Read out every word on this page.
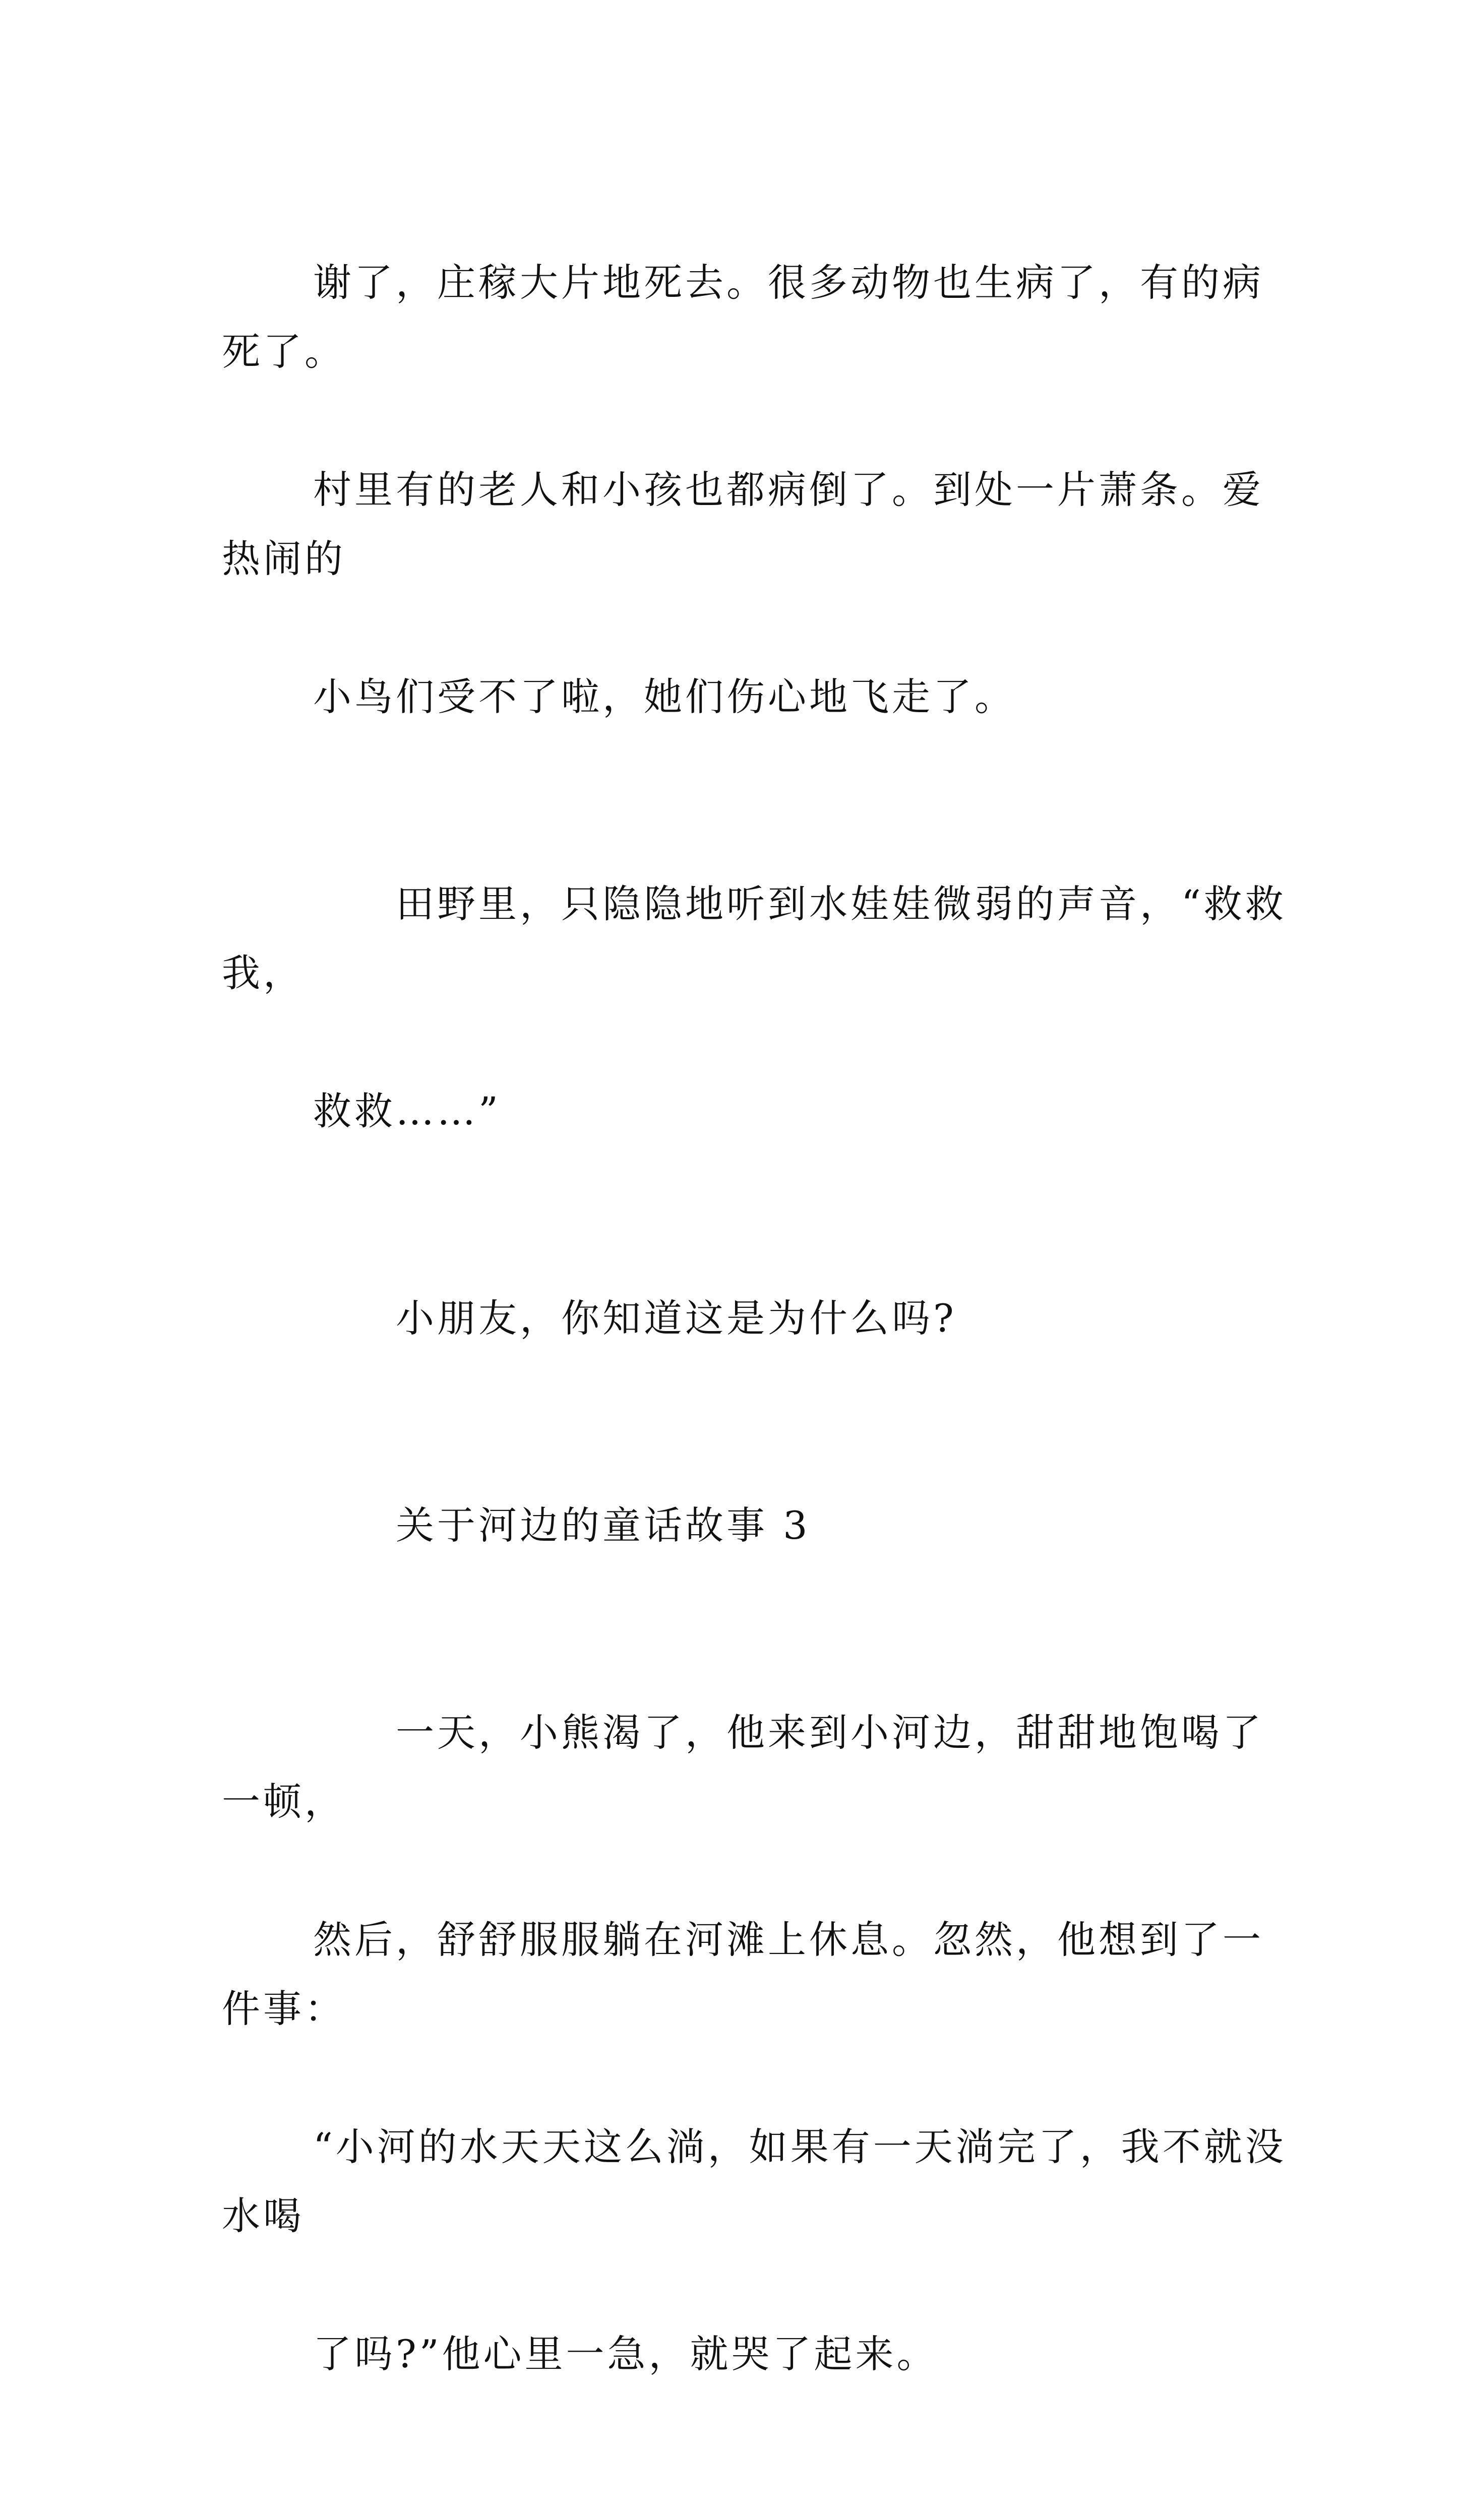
谢了，庄稼大片地死去。很多动物也生病了，有的病死了。

村里有的老人和小孩也都病倒了。到处一片萧条。爱热闹的

小鸟们受不了啦，她们伤心地飞走了。

　　田野里，只隐隐地听到水娃娃微弱的声音，“救救我，

救救……”

　　小朋友，你知道这是为什么吗?

　　关于河边的童话故事 3

　　一天，小熊渴了，他来到小河边，甜甜地饱喝了一顿，

然后，舒舒服服躺在河滩上休息。忽然，他想到了一件事：

“小河的水天天这么淌，如果有一天淌完了，我不就没水喝

了吗?”他心里一急，就哭了起来。
